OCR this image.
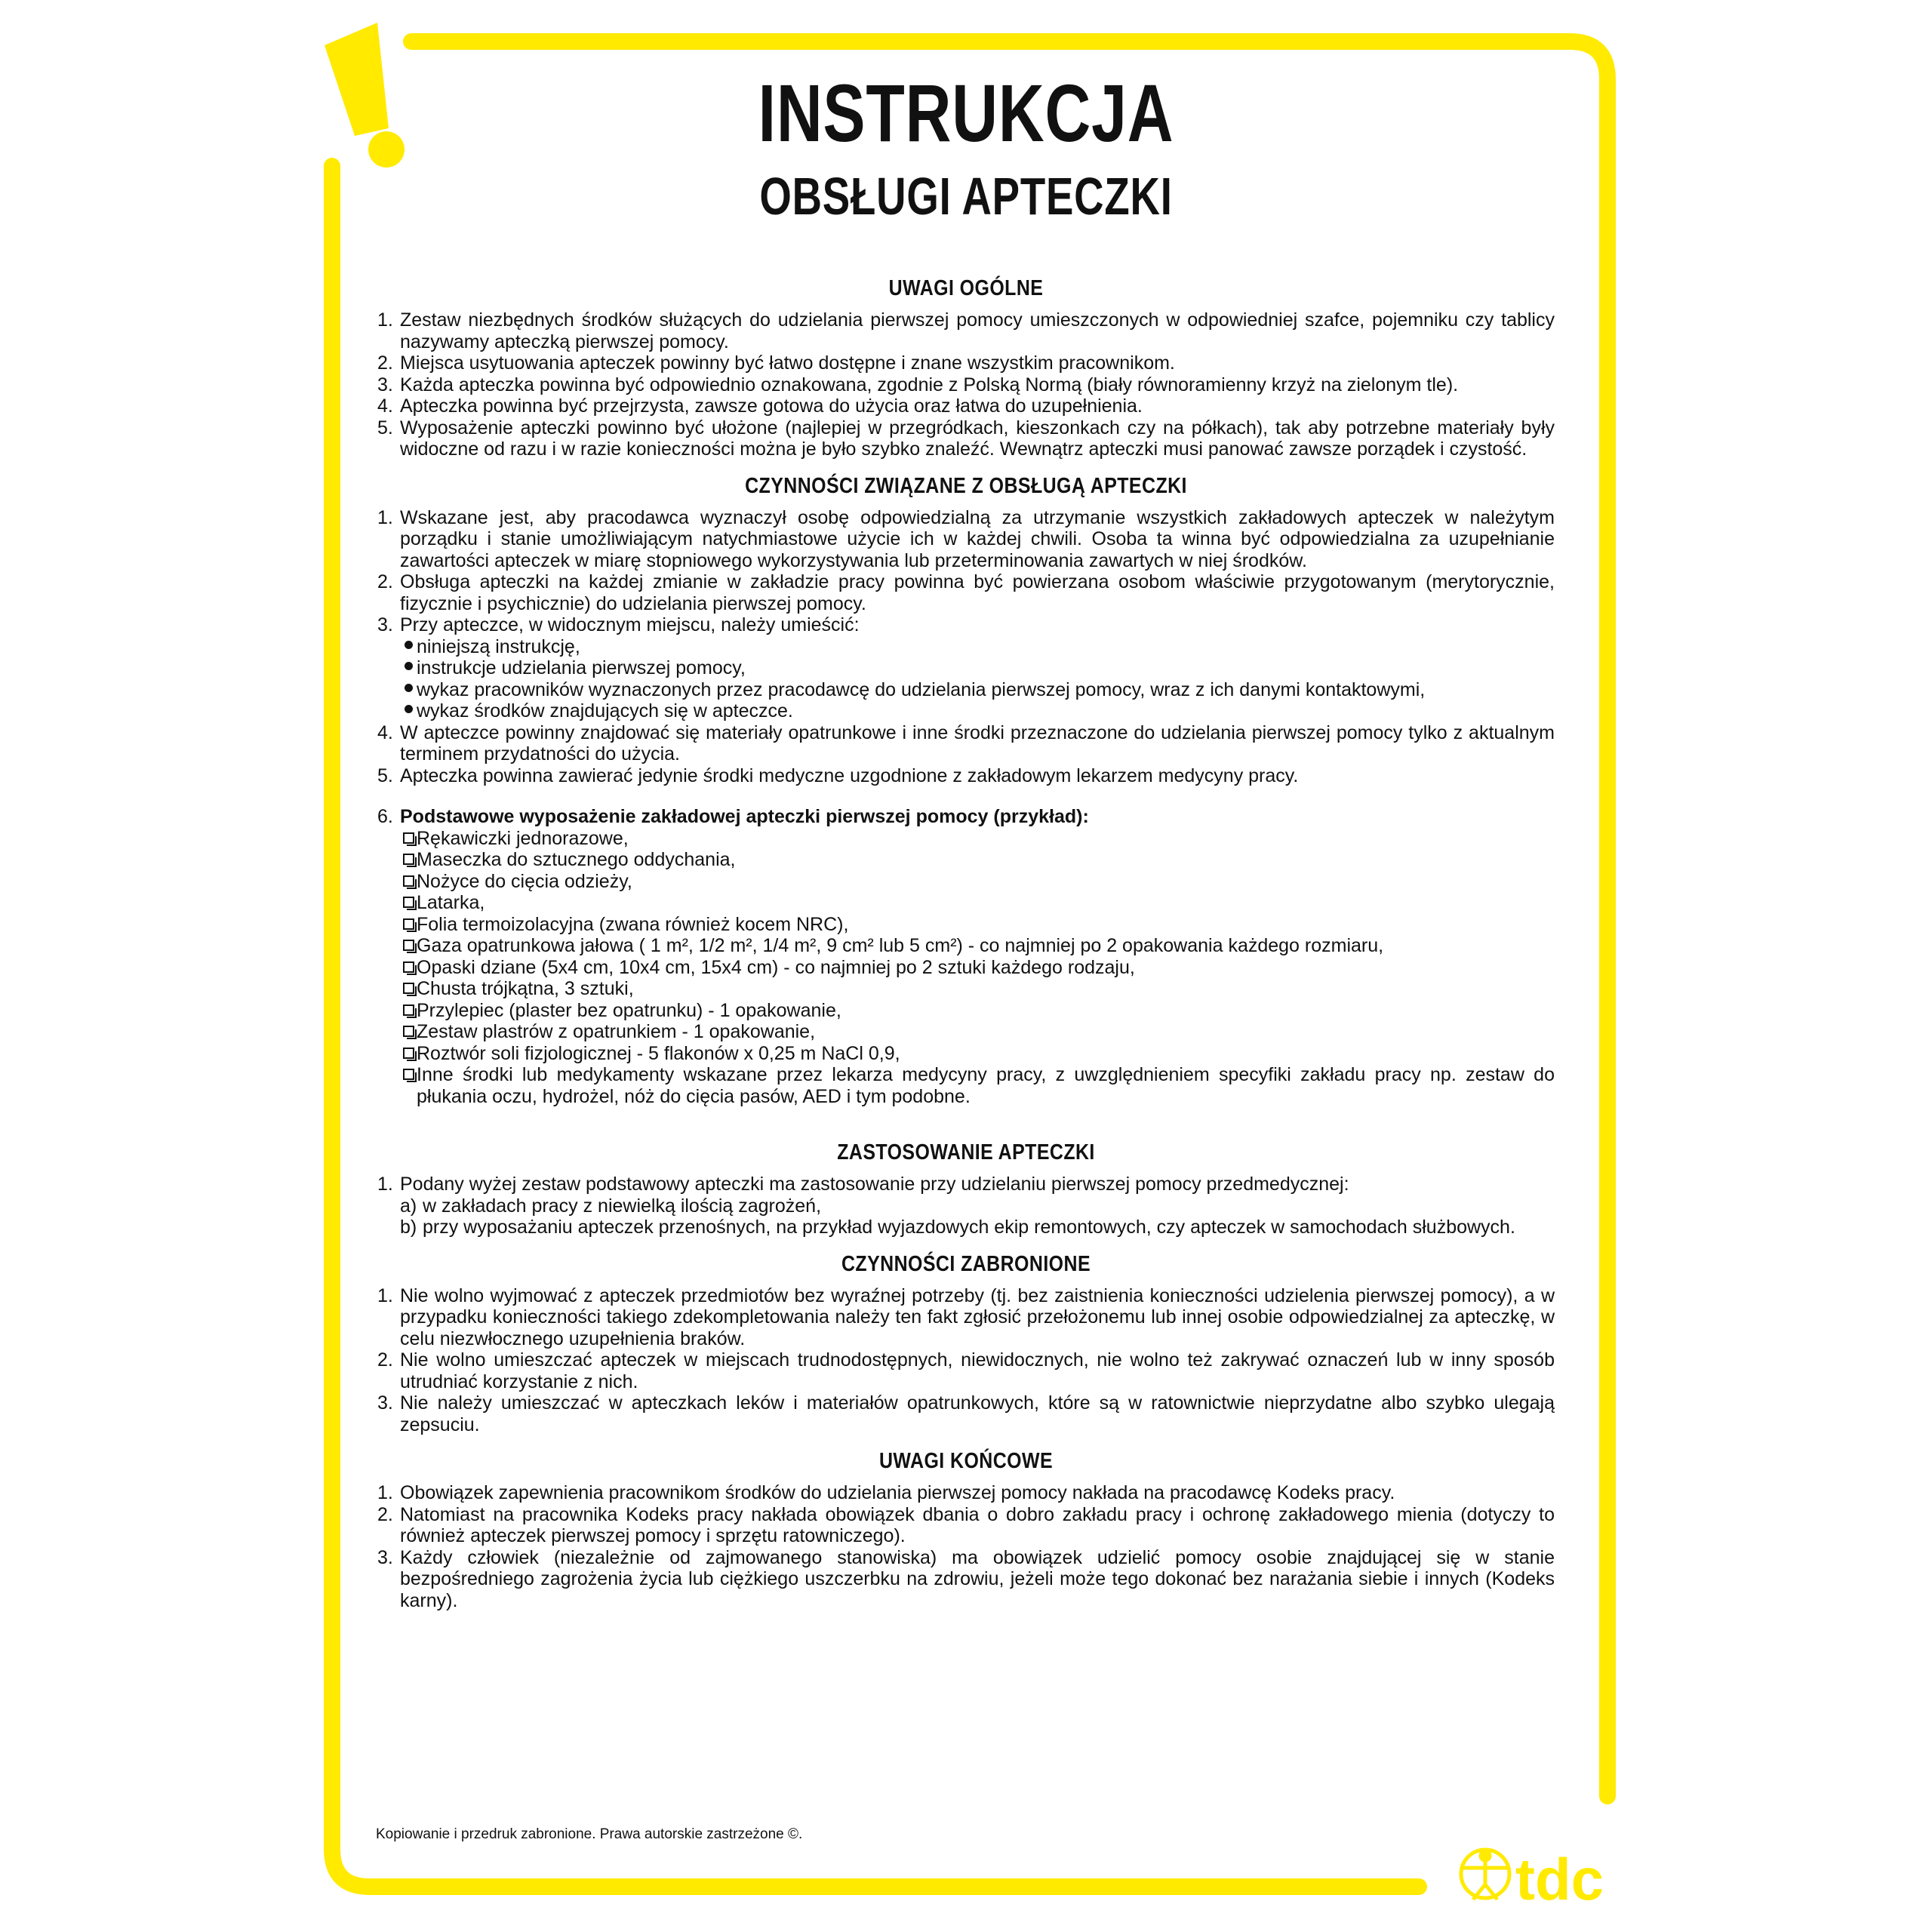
INSTRUKCJA
OBSŁUGI APTECZKI
UWAGI OGÓLNE
1. Zestaw niezbędnych środków służących do udzielania pierwszej pomocy umieszczonych w odpowiedniej szafce, pojemniku czy tablicy nazywamy apteczką pierwszej pomocy.
2. Miejsca usytuowania apteczek powinny być łatwo dostępne i znane wszystkim pracownikom.
3. Każda apteczka powinna być odpowiednio oznakowana, zgodnie z Polską Normą (biały równoramienny krzyż na zielonym tle).
4. Apteczka powinna być przejrzysta, zawsze gotowa do użycia oraz łatwa do uzupełnienia.
5. Wyposażenie apteczki powinno być ułożone (najlepiej w przegródkach, kieszonkach czy na półkach), tak aby potrzebne materiały były widoczne od razu i w razie konieczności można je było szybko znaleźć. Wewnątrz apteczki musi panować zawsze porządek i czystość.
CZYNNOŚCI ZWIĄZANE Z OBSŁUGĄ APTECZKI
1. Wskazane jest, aby pracodawca wyznaczył osobę odpowiedzialną za utrzymanie wszystkich zakładowych apteczek w należytym porządku i stanie umożliwiającym natychmiastowe użycie ich w każdej chwili. Osoba ta winna być odpowiedzialna za uzupełnianie zawartości apteczek w miarę stopniowego wykorzystywania lub przeterminowania zawartych w niej środków.
2. Obsługa apteczki na każdej zmianie w zakładzie pracy powinna być powierzana osobom właściwie przygotowanym (merytorycznie, fizycznie i psychicznie) do udzielania pierwszej pomocy.
3. Przy apteczce, w widocznym miejscu, należy umieścić:
niniejszą instrukcję,
instrukcje udzielania pierwszej pomocy,
wykaz pracowników wyznaczonych przez pracodawcę do udzielania pierwszej pomocy, wraz z ich danymi kontaktowymi,
wykaz środków znajdujących się w apteczce.
4. W apteczce powinny znajdować się materiały opatrunkowe i inne środki przeznaczone do udzielania pierwszej pomocy tylko z aktualnym terminem przydatności do użycia.
5. Apteczka powinna zawierać jedynie środki medyczne uzgodnione z zakładowym lekarzem medycyny pracy.
6. Podstawowe wyposażenie zakładowej apteczki pierwszej pomocy (przykład):
Rękawiczki jednorazowe,
Maseczka do sztucznego oddychania,
Nożyce do cięcia odzieży,
Latarka,
Folia termoizolacyjna (zwana również kocem NRC),
Gaza opatrunkowa jałowa ( 1 m², 1/2 m², 1/4 m², 9 cm² lub 5 cm²) - co najmniej po 2 opakowania każdego rozmiaru,
Opaski dziane (5x4 cm, 10x4 cm, 15x4 cm) - co najmniej po 2 sztuki każdego rodzaju,
Chusta trójkątna, 3 sztuki,
Przylepiec (plaster bez opatrunku) - 1 opakowanie,
Zestaw plastrów z opatrunkiem - 1 opakowanie,
Roztwór soli fizjologicznej - 5 flakonów x 0,25 m NaCl 0,9,
Inne środki lub medykamenty wskazane przez lekarza medycyny pracy, z uwzględnieniem specyfiki zakładu pracy np. zestaw do płukania oczu, hydrożel, nóż do cięcia pasów, AED i tym podobne.
ZASTOSOWANIE APTECZKI
1. Podany wyżej zestaw podstawowy apteczki ma zastosowanie przy udzielaniu pierwszej pomocy przedmedycznej:
a) w zakładach pracy z niewielką ilością zagrożeń,
b) przy wyposażaniu apteczek przenośnych, na przykład wyjazdowych ekip remontowych, czy apteczek w samochodach służbowych.
CZYNNOŚCI ZABRONIONE
1. Nie wolno wyjmować z apteczek przedmiotów bez wyraźnej potrzeby (tj. bez zaistnienia konieczności udzielenia pierwszej pomocy), a w przypadku konieczności takiego zdekompletowania należy ten fakt zgłosić przełożonemu lub innej osobie odpowiedzialnej za apteczkę, w celu niezwłocznego uzupełnienia braków.
2. Nie wolno umieszczać apteczek w miejscach trudnodostępnych, niewidocznych, nie wolno też zakrywać oznaczeń lub w inny sposób utrudniać korzystanie z nich.
3. Nie należy umieszczać w apteczkach leków i materiałów opatrunkowych, które są w ratownictwie nieprzydatne albo szybko ulegają zepsuciu.
UWAGI KOŃCOWE
1. Obowiązek zapewnienia pracownikom środków do udzielania pierwszej pomocy nakłada na pracodawcę Kodeks pracy.
2. Natomiast na pracownika Kodeks pracy nakłada obowiązek dbania o dobro zakładu pracy i ochronę zakładowego mienia (dotyczy to również apteczek pierwszej pomocy i sprzętu ratowniczego).
3. Każdy człowiek (niezależnie od zajmowanego stanowiska) ma obowiązek udzielić pomocy osobie znajdującej się w stanie bezpośredniego zagrożenia życia lub ciężkiego uszczerbku na zdrowiu, jeżeli może tego dokonać bez narażania siebie i innych (Kodeks karny).
Kopiowanie i przedruk zabronione. Prawa autorskie zastrzeżone ©.
tdc
